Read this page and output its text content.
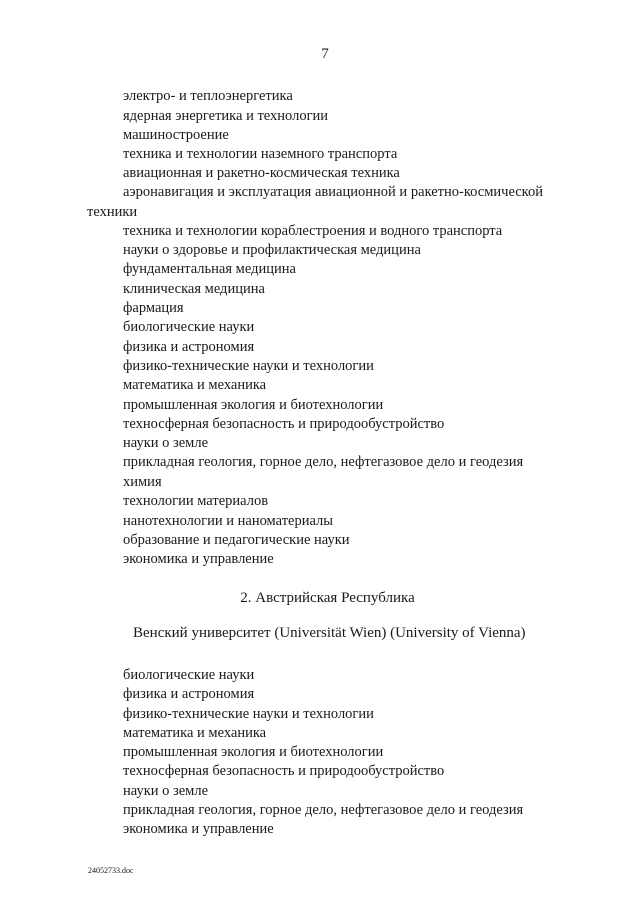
7
электро- и теплоэнергетика
ядерная энергетика и технологии
машиностроение
техника и технологии наземного транспорта
авиационная и ракетно-космическая техника
аэронавигация и эксплуатация авиационной и ракетно-космической
техники
техника и технологии кораблестроения и водного транспорта
науки о здоровье и профилактическая медицина
фундаментальная медицина
клиническая медицина
фармация
биологические науки
физика и астрономия
физико-технические науки и технологии
математика и механика
промышленная экология и биотехнологии
техносферная безопасность и природообустройство
науки о земле
прикладная геология, горное дело, нефтегазовое дело и геодезия
химия
технологии материалов
нанотехнологии и наноматериалы
образование и педагогические науки
экономика и управление
2. Австрийская Республика
Венский университет (Universität Wien) (University of Vienna)
биологические науки
физика и астрономия
физико-технические науки и технологии
математика и механика
промышленная экология и биотехнологии
техносферная безопасность и природообустройство
науки о земле
прикладная геология, горное дело, нефтегазовое дело и геодезия
экономика и управление
24052733.doc
